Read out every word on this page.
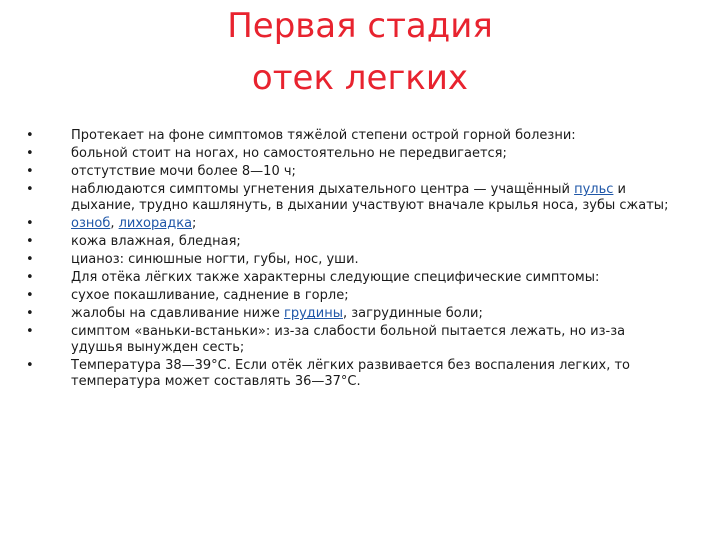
Первая стадия
отек легких
•	Протекает на фоне симптомов тяжёлой степени острой горной болезни:
•	больной стоит на ногах, но самостоятельно не передвигается;
•	отстутствие мочи более 8—10 ч;
•	наблюдаются симптомы угнетения дыхательного центра — учащённый пульс и дыхание, трудно кашлянуть, в дыхании участвуют вначале крылья носа, зубы сжаты;
•	озноб, лихорадка;
•	кожа влажная, бледная;
•	цианоз: синюшные ногти, губы, нос, уши.
•	Для отёка лёгких также характерны следующие специфические симптомы:
•	сухое покашливание, саднение в горле;
•	жалобы на сдавливание ниже грудины, загрудинные боли;
•	симптом «ваньки-встаньки»: из-за слабости больной пытается лежать, но из-за удушья вынужден сесть;
•	Температура 38—39°С. Если отёк лёгких развивается без воспаления легких, то температура может составлять 36—37°С.
